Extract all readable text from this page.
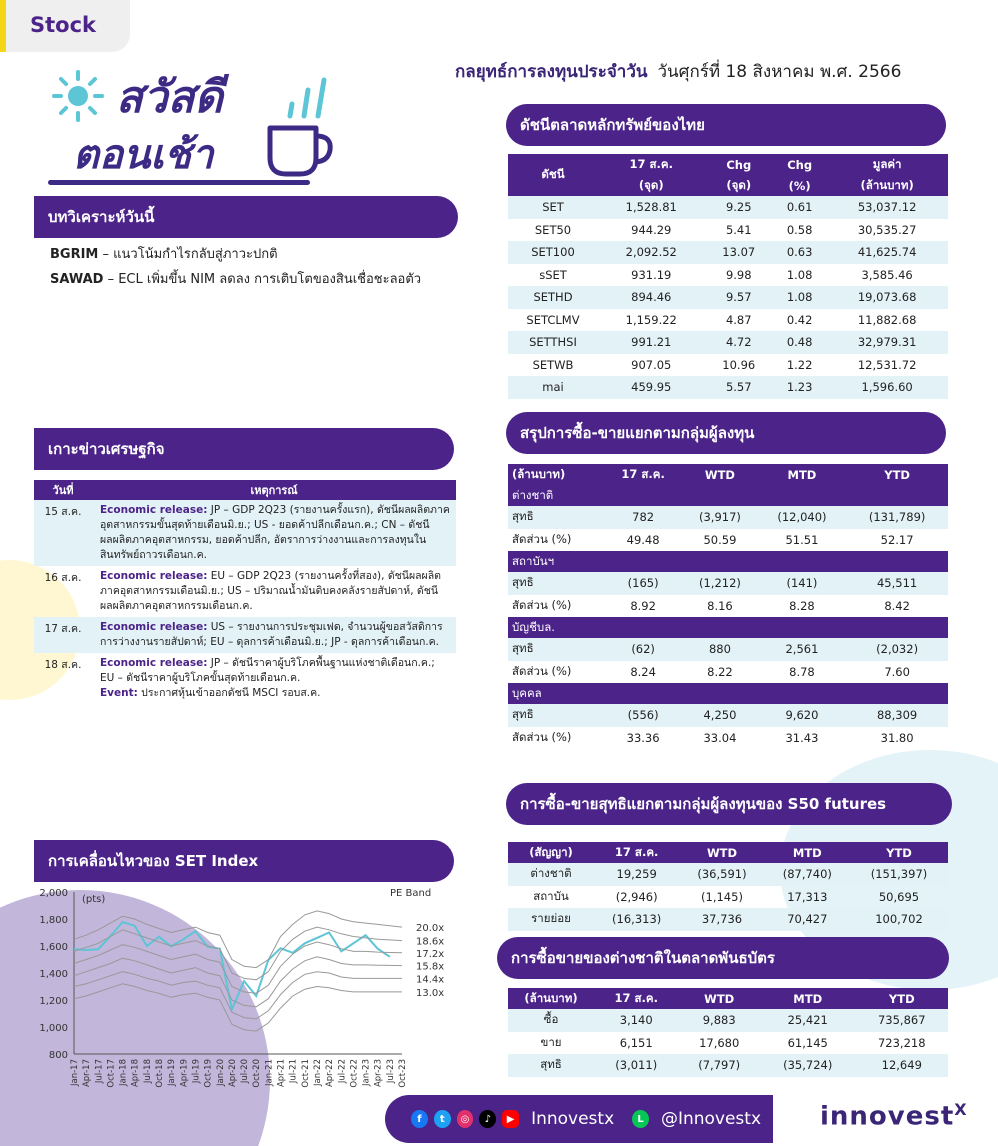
Stock
สวัสดี
ตอนเช้า
กลยุทธ์การลงทุนประจำวัน วันศุกร์ที่ 18 สิงหาคม พ.ศ. 2566
บทวิเคราะห์วันนี้
BGRIM – แนวโน้มกำไรกลับสู่ภาวะปกติ
SAWAD – ECL เพิ่มขึ้น NIM ลดลง การเติบโตของสินเชื่อชะลอตัว
เกาะข่าวเศรษฐกิจ
วันที่	เหตุการณ์
15 ส.ค.	Economic release: JP – GDP 2Q23 (รายงานครั้งแรก), ดัชนีผลผลิตภาคอุตสาหกรรมขั้นสุดท้ายเดือนมิ.ย.; US - ยอดค้าปลีกเดือนก.ค.; CN – ดัชนีผลผลิตภาคอุตสาหกรรม, ยอดค้าปลีก, อัตราการว่างงานและการลงทุนในสินทรัพย์ถาวรเดือนก.ค.
16 ส.ค.	Economic release: EU – GDP 2Q23 (รายงานครั้งที่สอง), ดัชนีผลผลิตภาคอุตสาหกรรมเดือนมิ.ย.; US – ปริมาณน้ำมันดิบคงคลังรายสัปดาห์, ดัชนีผลผลิตภาคอุตสาหกรรมเดือนก.ค.
17 ส.ค.	Economic release: US – รายงานการประชุมเฟด, จำนวนผู้ขอสวัสดิการการว่างงานรายสัปดาห์; EU – ดุลการค้าเดือนมิ.ย.; JP - ดุลการค้าเดือนก.ค.
18 ส.ค.	Economic release: JP – ดัชนีราคาผู้บริโภคพื้นฐานแห่งชาติเดือนก.ค.; EU – ดัชนีราคาผู้บริโภคขั้นสุดท้ายเดือนก.ค.
Event: ประกาศหุ้นเข้าออกดัชนี MSCI รอบส.ค.
การเคลื่อนไหวของ SET Index
2,000
1,800
1,600
1,400
1,200
1,000
800
(pts)
PE Band
Jan-17 Apr-17 Jul-17 Oct-17 Jan-18 Apr-18 Jul-18 Oct-18 Jan-19 Apr-19 Jul-19 Oct-19 Jan-20 Apr-20 Jul-20 Oct-20 Jan-21 Apr-21 Jul-21 Oct-21 Jan-22 Apr-22 Jul-22 Oct-22 Jan-23 Apr-23 Jul-23 Oct-23
20.0x
18.6x
17.2x
15.8x
14.4x
13.0x
ดัชนีตลาดหลักทรัพย์ของไทย
ดัชนี	17 ส.ค.	Chg	Chg	มูลค่า
	(จุด)	(จุด)	(%)	(ล้านบาท)
SET	1,528.81	9.25	0.61	53,037.12
SET50	944.29	5.41	0.58	30,535.27
SET100	2,092.52	13.07	0.63	41,625.74
sSET	931.19	9.98	1.08	3,585.46
SETHD	894.46	9.57	1.08	19,073.68
SETCLMV	1,159.22	4.87	0.42	11,882.68
SETTHSI	991.21	4.72	0.48	32,979.31
SETWB	907.05	10.96	1.22	12,531.72
mai	459.95	5.57	1.23	1,596.60
สรุปการซื้อ-ขายแยกตามกลุ่มผู้ลงทุน
(ล้านบาท)	17 ส.ค.	WTD	MTD	YTD
ต่างชาติ				
สุทธิ	782	(3,917)	(12,040)	(131,789)
สัดส่วน (%)	49.48	50.59	51.51	52.17
สถาบันฯ				
สุทธิ	(165)	(1,212)	(141)	45,511
สัดส่วน (%)	8.92	8.16	8.28	8.42
บัญชีบล.				
สุทธิ	(62)	880	2,561	(2,032)
สัดส่วน (%)	8.24	8.22	8.78	7.60
บุคคล				
สุทธิ	(556)	4,250	9,620	88,309
สัดส่วน (%)	33.36	33.04	31.43	31.80
การซื้อ-ขายสุทธิแยกตามกลุ่มผู้ลงทุนของ S50 futures
(สัญญา)	17 ส.ค.	WTD	MTD	YTD
ต่างชาติ	19,259	(36,591)	(87,740)	(151,397)
สถาบัน	(2,946)	(1,145)	17,313	50,695
รายย่อย	(16,313)	37,736	70,427	100,702
การซื้อขายของต่างชาติในตลาดพันธบัตร
(ล้านบาท)	17 ส.ค.	WTD	MTD	YTD
ซื้อ	3,140	9,883	25,421	735,867
ขาย	6,151	17,680	61,145	723,218
สุทธิ	(3,011)	(7,797)	(35,724)	12,649
f	t	◎	♪	▶ Innovestx	L	@Innovestx innovest$^X$
